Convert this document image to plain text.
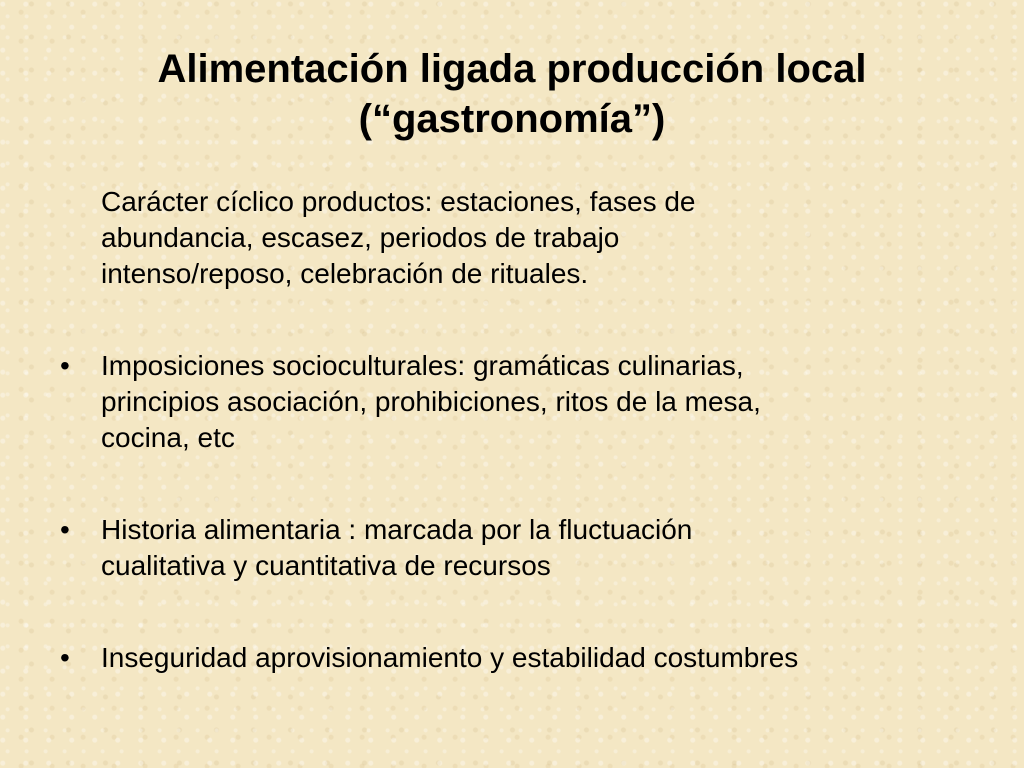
Alimentación ligada producción local
(“gastronomía”)

Carácter cíclico productos: estaciones, fases de
abundancia, escasez, periodos de trabajo
intenso/reposo, celebración de rituales.

•	Imposiciones socioculturales: gramáticas culinarias,
principios asociación, prohibiciones, ritos de la mesa,
cocina, etc

•	Historia alimentaria : marcada por la fluctuación
cualitativa y cuantitativa de recursos

•	Inseguridad aprovisionamiento y estabilidad costumbres
